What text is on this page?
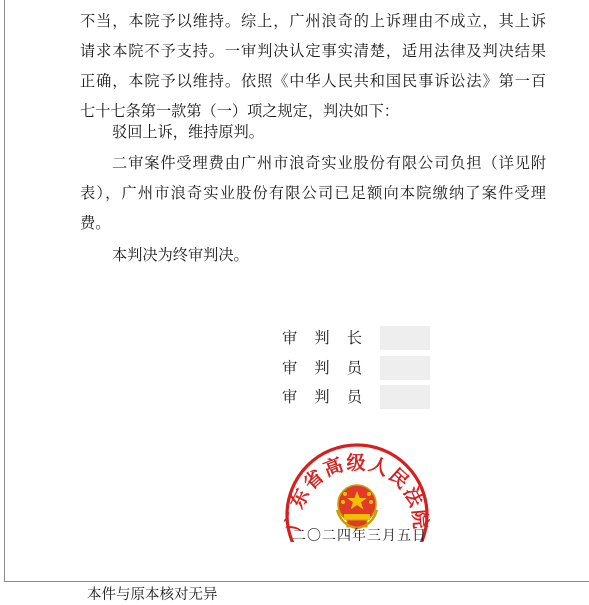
不当，本院予以维持。综上，广州浪奇的上诉理由不成立，其上诉
请求本院不予支持。一审判决认定事实清楚，适用法律及判决结果
正确，本院予以维持。依照《中华人民共和国民事诉讼法》第一百
七十七条第一款第（一）项之规定，判决如下：
驳回上诉，维持原判。
二审案件受理费由广州市浪奇实业股份有限公司负担（详见附
表），广州市浪奇实业股份有限公司已足额向本院缴纳了案件受理
费。
本判决为终审判决。
审判长
审判员
审判员
广东省高级人民法院
二〇二四年三月五日
本件与原本核对无异
